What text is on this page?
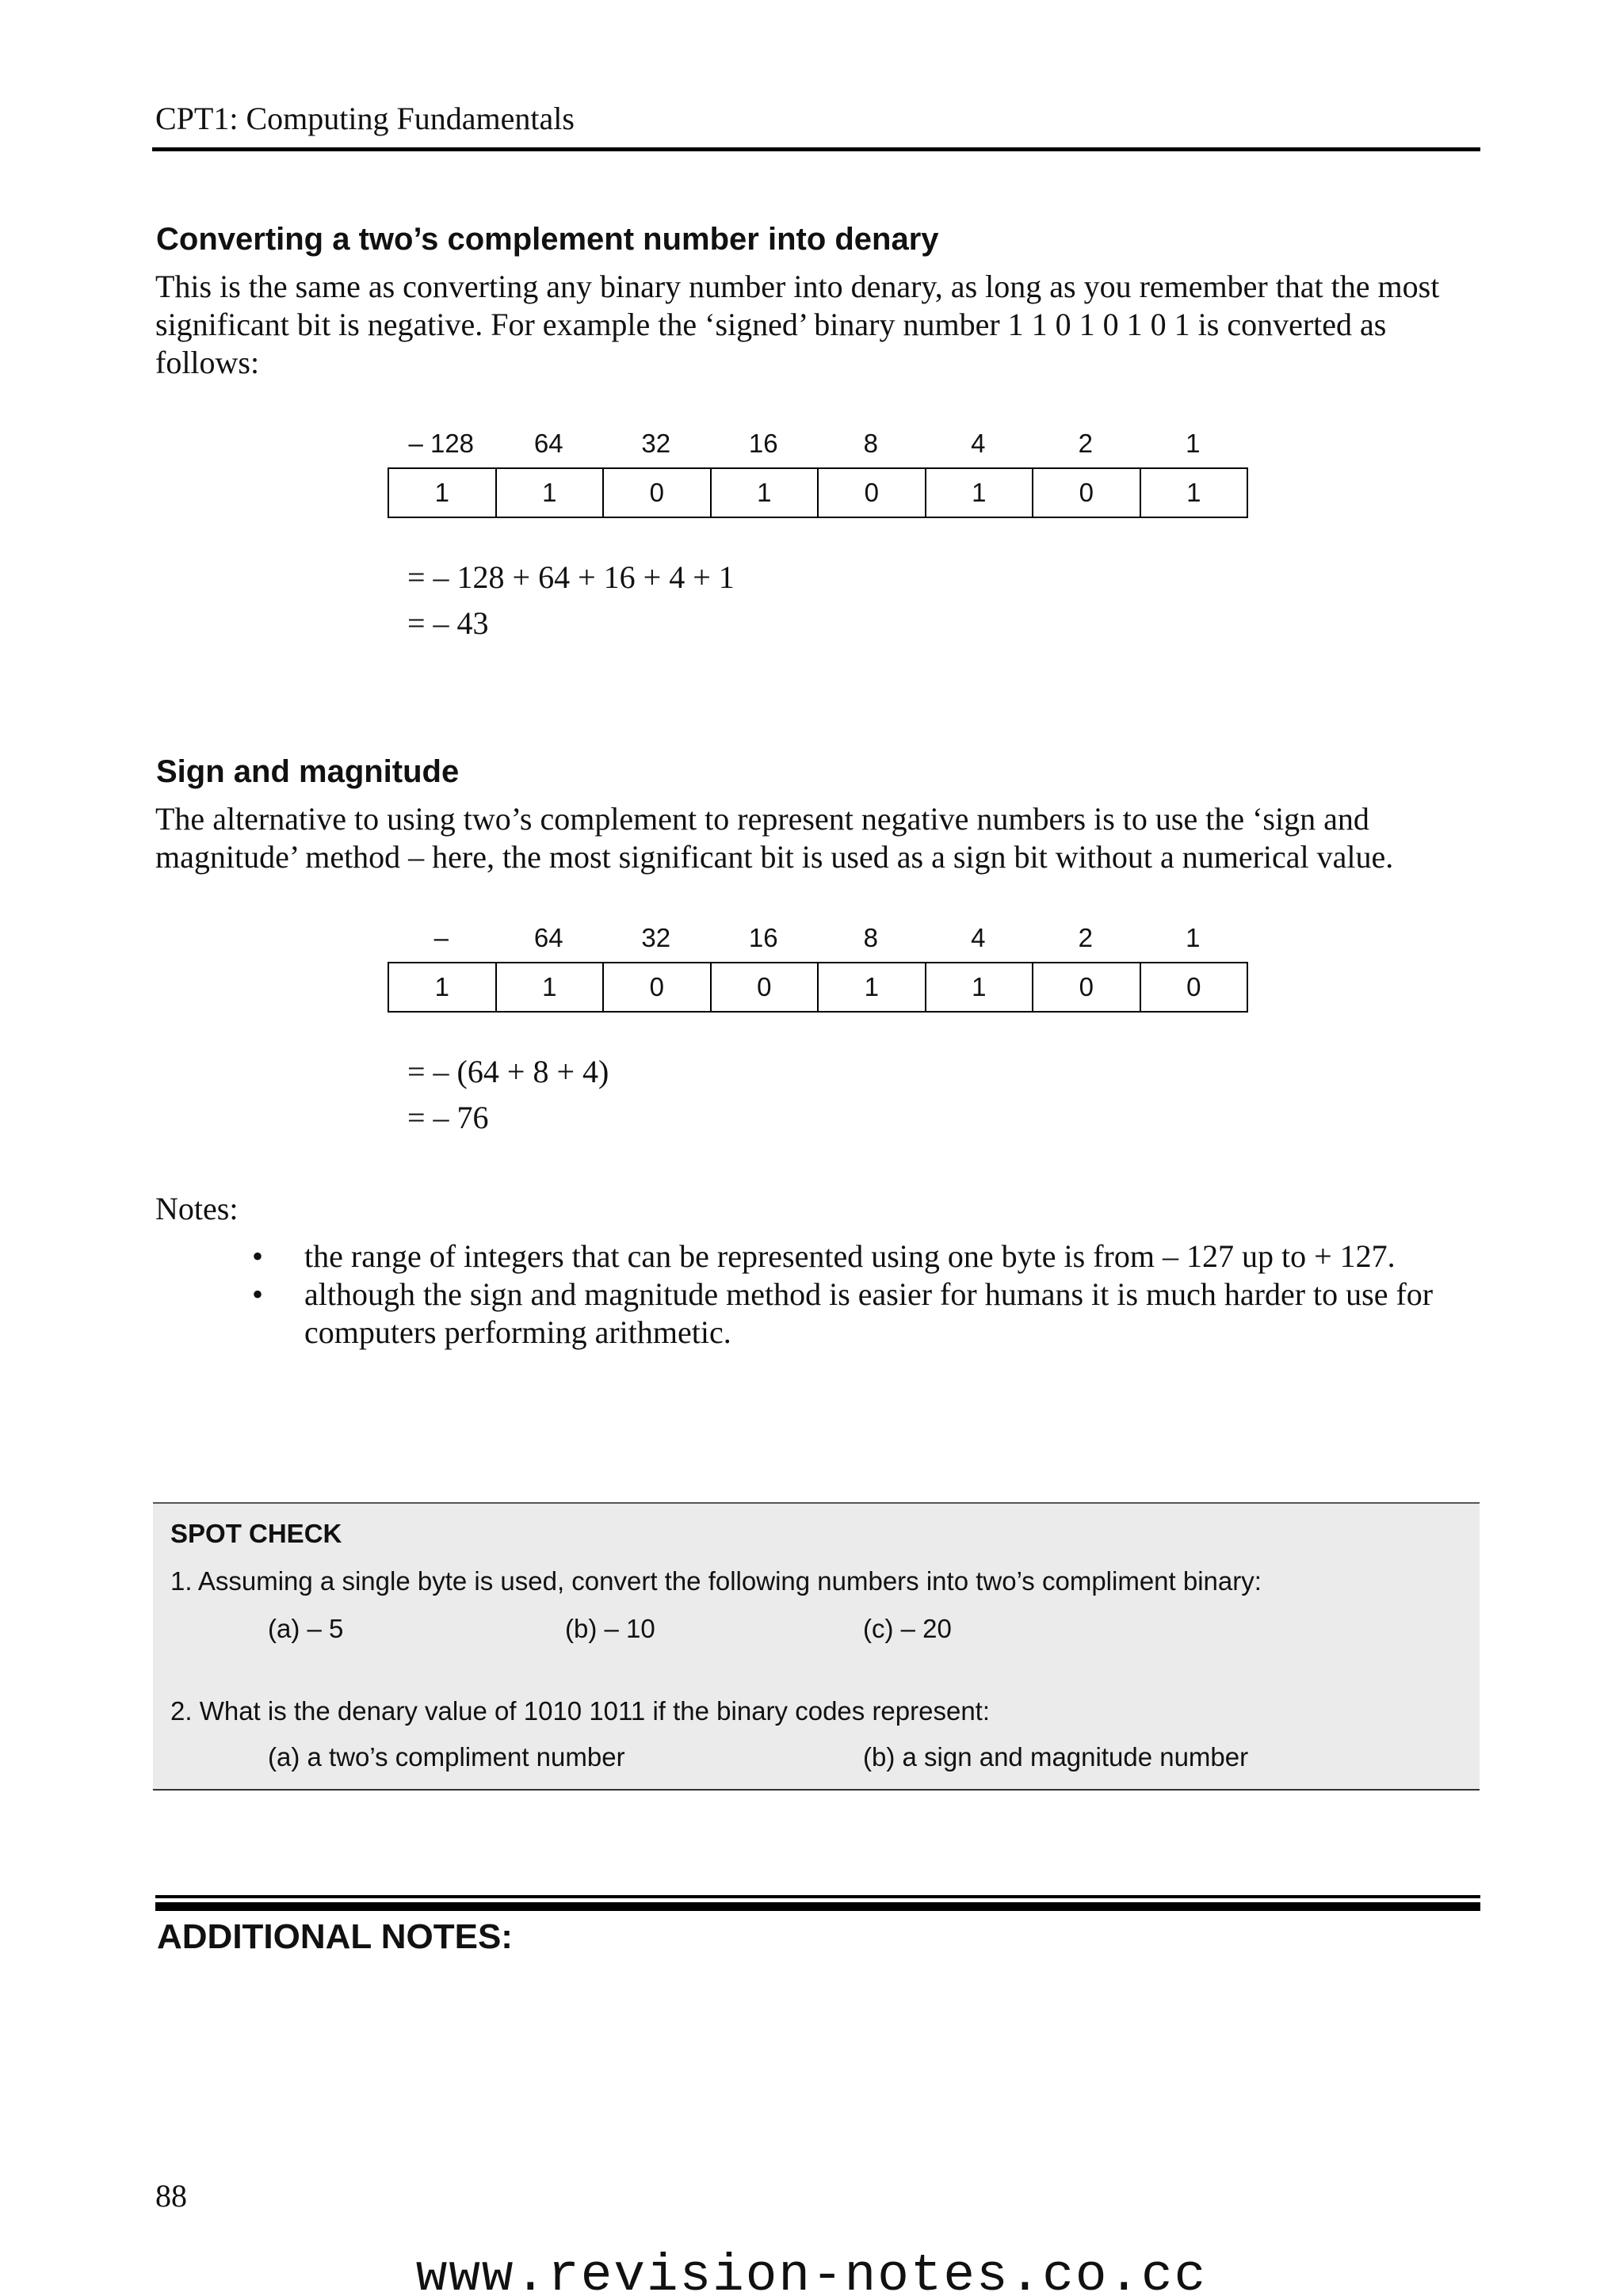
CPT1: Computing Fundamentals
Converting a two’s complement number into denary
This is the same as converting any binary number into denary, as long as you remember that the most significant bit is negative. For example the ‘signed’ binary number 1 1 0 1 0 1 0 1 is converted as follows:
– 128	64	32	16	8	4	2	1
1	1	0	1	0	1	0	1
= – 128 + 64 + 16 + 4 + 1
= – 43
Sign and magnitude
The alternative to using two’s complement to represent negative numbers is to use the ‘sign and magnitude’ method – here, the most significant bit is used as a sign bit without a numerical value.
–	64	32	16	8	4	2	1
1	1	0	0	1	1	0	0
= – (64 + 8 + 4)
= – 76
Notes:
• the range of integers that can be represented using one byte is from – 127 up to + 127.
• although the sign and magnitude method is easier for humans it is much harder to use for computers performing arithmetic.
SPOT CHECK
1. Assuming a single byte is used, convert the following numbers into two’s compliment binary:
(a) – 5	(b) – 10	(c) – 20
2. What is the denary value of 1010 1011 if the binary codes represent:
(a) a two’s compliment number	(b) a sign and magnitude number
ADDITIONAL NOTES:
88
www.revision-notes.co.cc
